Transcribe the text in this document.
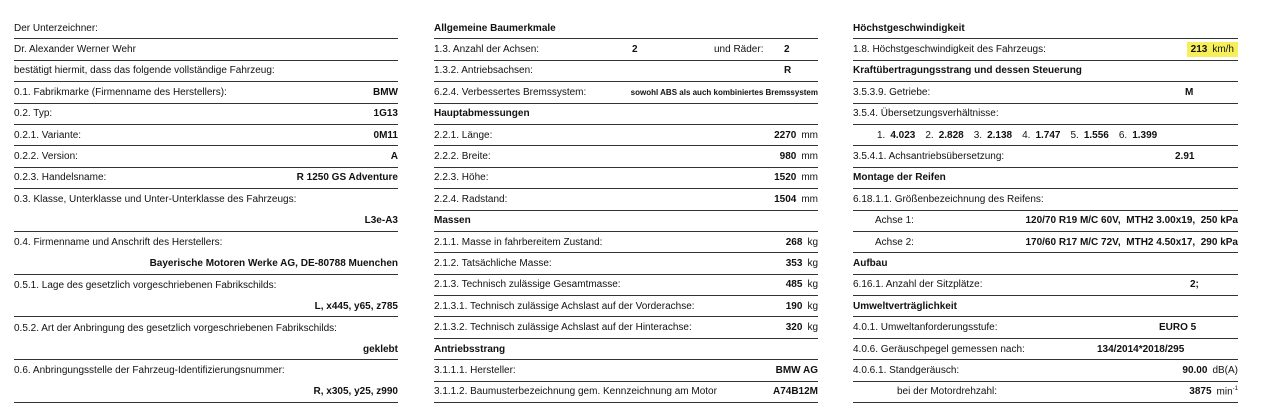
Der Unterzeichner:
Dr. Alexander Werner Wehr
bestätigt hiermit, dass das folgende vollständige Fahrzeug:
0.1. Fabrikmarke (Firmenname des Herstellers):	BMW
0.2. Typ:	1G13
0.2.1. Variante:	0M11
0.2.2. Version:	A
0.2.3. Handelsname:	R 1250 GS Adventure
0.3. Klasse, Unterklasse und Unter-Unterklasse des Fahrzeugs:
L3e-A3
0.4. Firmenname und Anschrift des Herstellers:
Bayerische Motoren Werke AG, DE-80788 Muenchen
0.5.1. Lage des gesetzlich vorgeschriebenen Fabrikschilds:
L, x445, y65, z785
0.5.2. Art der Anbringung des gesetzlich vorgeschriebenen Fabrikschilds:
geklebt
0.6. Anbringungsstelle der Fahrzeug-Identifizierungsnummer:
R, x305, y25, z990
Allgemeine Baumerkmale
1.3. Anzahl der Achsen:	2	und Räder: 2
1.3.2. Antriebsachsen:	R
6.2.4. Verbessertes Bremssystem:	sowohl ABS als auch kombiniertes Bremssystem
Hauptabmessungen
2.2.1. Länge:	2270 mm
2.2.2. Breite:	980 mm
2.2.3. Höhe:	1520 mm
2.2.4. Radstand:	1504 mm
Massen
2.1.1. Masse in fahrbereitem Zustand:	268 kg
2.1.2. Tatsächliche Masse:	353 kg
2.1.3. Technisch zulässige Gesamtmasse:	485 kg
2.1.3.1. Technisch zulässige Achslast auf der Vorderachse:	190 kg
2.1.3.2. Technisch zulässige Achslast auf der Hinterachse:	320 kg
Antriebsstrang
3.1.1.1. Hersteller:	BMW AG
3.1.1.2. Baumusterbezeichnung gem. Kennzeichnung am Motor	A74B12M
Höchstgeschwindigkeit
1.8. Höchstgeschwindigkeit des Fahrzeugs:	213 km/h
Kraftübertragungsstrang und dessen Steuerung
3.5.3.9. Getriebe:	M
3.5.4. Übersetzungsverhältnisse:
1. 4.023 2. 2.828 3. 2.138 4. 1.747 5. 1.556 6. 1.399
3.5.4.1. Achsantriebsübersetzung:	2.91
Montage der Reifen
6.18.1.1. Größenbezeichnung des Reifens:
Achse 1:	120/70 R19 M/C 60V,  MTH2 3.00x19,  250 kPa
Achse 2:	170/60 R17 M/C 72V,  MTH2 4.50x17,  290 kPa
Aufbau
6.16.1. Anzahl der Sitzplätze:	2;
Umweltverträglichkeit
4.0.1. Umweltanforderungsstufe:	EURO 5
4.0.6. Geräuschpegel gemessen nach:	134/2014*2018/295
4.0.6.1. Standgeräusch:	90.00 dB(A)
bei der Motordrehzahl:	3875 $\min^{-1}$
